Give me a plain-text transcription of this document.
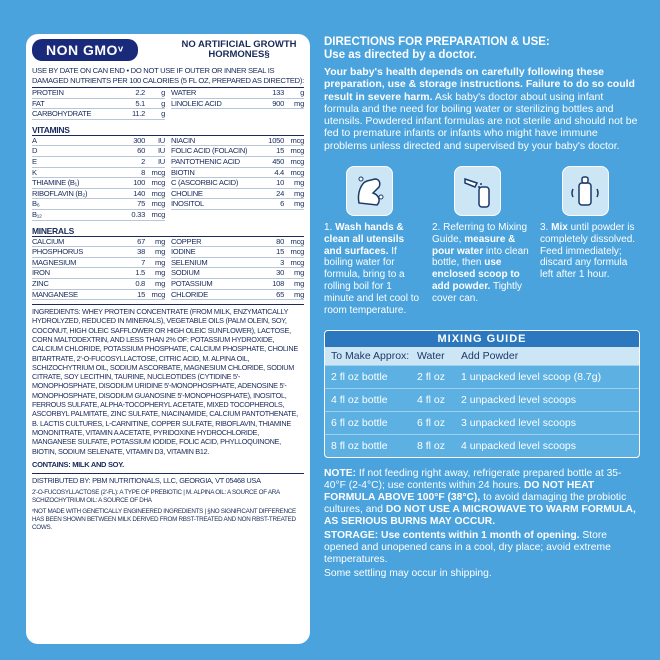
NON GMOᵛ	NO ARTIFICIAL GROWTH HORMONES§
USE BY DATE ON CAN END • DO NOT USE IF OUTER OR INNER SEAL IS DAMAGED NUTRIENTS PER 100 CALORIES (5 FL OZ, PREPARED AS DIRECTED):
PROTEIN	2.2	g
FAT	5.1	g
CARBOHYDRATE	11.2	g
WATER	133	g
LINOLEIC ACID	900	mg
VITAMINS
A	300	IU
D	60	IU
E	2	IU
K	8 mcg
THIAMINE (B₁)	100 mcg
RIBOFLAVIN (B₂)	140 mcg
B₆	75 mcg
B₁₂	0.33 mcg
NIACIN	1050 mcg
FOLIC ACID (FOLACIN)	15 mcg
PANTOTHENIC ACID	450 mcg
BIOTIN	4.4 mcg
C (ASCORBIC ACID)	10	mg
CHOLINE	24	mg
INOSITOL	6	mg
MINERALS
CALCIUM	67	mg
PHOSPHORUS	38	mg
MAGNESIUM	7	mg
IRON	1.5	mg
ZINC	0.8	mg
MANGANESE	15 mcg
COPPER	80 mcg
IODINE	15 mcg
SELENIUM	3 mcg
SODIUM	30	mg
POTASSIUM	108	mg
CHLORIDE	65	mg
INGREDIENTS: WHEY PROTEIN CONCENTRATE (FROM MILK, ENZYMATICALLY HYDROLYZED, REDUCED IN MINERALS), VEGETABLE OILS (PALM OLEIN, SOY, COCONUT, HIGH OLEIC SAFFLOWER OR HIGH OLEIC SUNFLOWER), LACTOSE, CORN MALTODEXTRIN, AND LESS THAN 2% OF: POTASSIUM HYDROXIDE, CALCIUM CHLORIDE, POTASSIUM PHOSPHATE, CALCIUM PHOSPHATE, CHOLINE BITARTRATE, 2'-O-FUCOSYLLACTOSE, CITRIC ACID, M. ALPINA OIL, SCHIZOCHYTRIUM OIL, SODIUM ASCORBATE, MAGNESIUM CHLORIDE, SODIUM CITRATE, SOY LECITHIN, TAURINE, NUCLEOTIDES (CYTIDINE 5'-MONOPHOSPHATE, DISODIUM URIDINE 5'-MONOPHOSPHATE, ADENOSINE 5'-MONOPHOSPHATE, DISODIUM GUANOSINE 5'-MONOPHOSPHATE), INOSITOL, FERROUS SULFATE, ALPHA-TOCOPHERYL ACETATE, MIXED TOCOPHEROLS, ASCORBYL PALMITATE, ZINC SULFATE, NIACINAMIDE, CALCIUM PANTOTHENATE, B. LACTIS CULTURES, L-CARNITINE, COPPER SULFATE, RIBOFLAVIN, THIAMINE MONONITRATE, VITAMIN A ACETATE, PYRIDOXINE HYDROCHLORIDE, MANGANESE SULFATE, POTASSIUM IODIDE, FOLIC ACID, PHYLLOQUINONE, BIOTIN, SODIUM SELENATE, VITAMIN D3, VITAMIN B12.
CONTAINS: MILK AND SOY.
DISTRIBUTED BY: PBM NUTRITIONALS, LLC, GEORGIA, VT 05468 USA
2'-O-FUCOSYLLACTOSE (2'-FL): A TYPE OF PREBIOTIC | M. ALPINA OIL: A SOURCE OF ARA SCHIZOCHYTRIUM OIL: A SOURCE OF DHA
ᵛNOT MADE WITH GENETICALLY ENGINEERED INGREDIENTS | §NO SIGNIFICANT DIFFERENCE HAS BEEN SHOWN BETWEEN MILK DERIVED FROM RBST-TREATED AND NON RBST-TREATED COWS.
DIRECTIONS FOR PREPARATION & USE:
Use as directed by a doctor.
Your baby's health depends on carefully following these preparation, use & storage instructions. Failure to do so could result in severe harm. Ask baby's doctor about using infant formula and the need for boiling water or sterilizing bottles and utensils. Powdered infant formulas are not sterile and should not be fed to premature infants or infants who might have immune problems unless directed and supervised by your baby's doctor.
1. Wash hands & clean all utensils and surfaces. If boiling water for formula, bring to a rolling boil for 1 minute and let cool to room temperature.
2. Referring to Mixing Guide, measure & pour water into clean bottle, then use enclosed scoop to add powder. Tightly cover can.
3. Mix until powder is completely dissolved. Feed immediately; discard any formula left after 1 hour.
MIXING GUIDE
To Make Approx: Water	Add Powder
2 fl oz bottle	2 fl oz	1 unpacked level scoop (8.7g)
4 fl oz bottle	4 fl oz	2 unpacked level scoops
6 fl oz bottle	6 fl oz	3 unpacked level scoops
8 fl oz bottle	8 fl oz	4 unpacked level scoops
NOTE: If not feeding right away, refrigerate prepared bottle at 35-40°F (2-4°C); use contents within 24 hours. DO NOT HEAT FORMULA ABOVE 100°F (38°C), to avoid damaging the probiotic cultures, and DO NOT USE A MICROWAVE TO WARM FORMULA, AS SERIOUS BURNS MAY OCCUR.
STORAGE: Use contents within 1 month of opening. Store opened and unopened cans in a cool, dry place; avoid extreme temperatures.
Some settling may occur in shipping.
